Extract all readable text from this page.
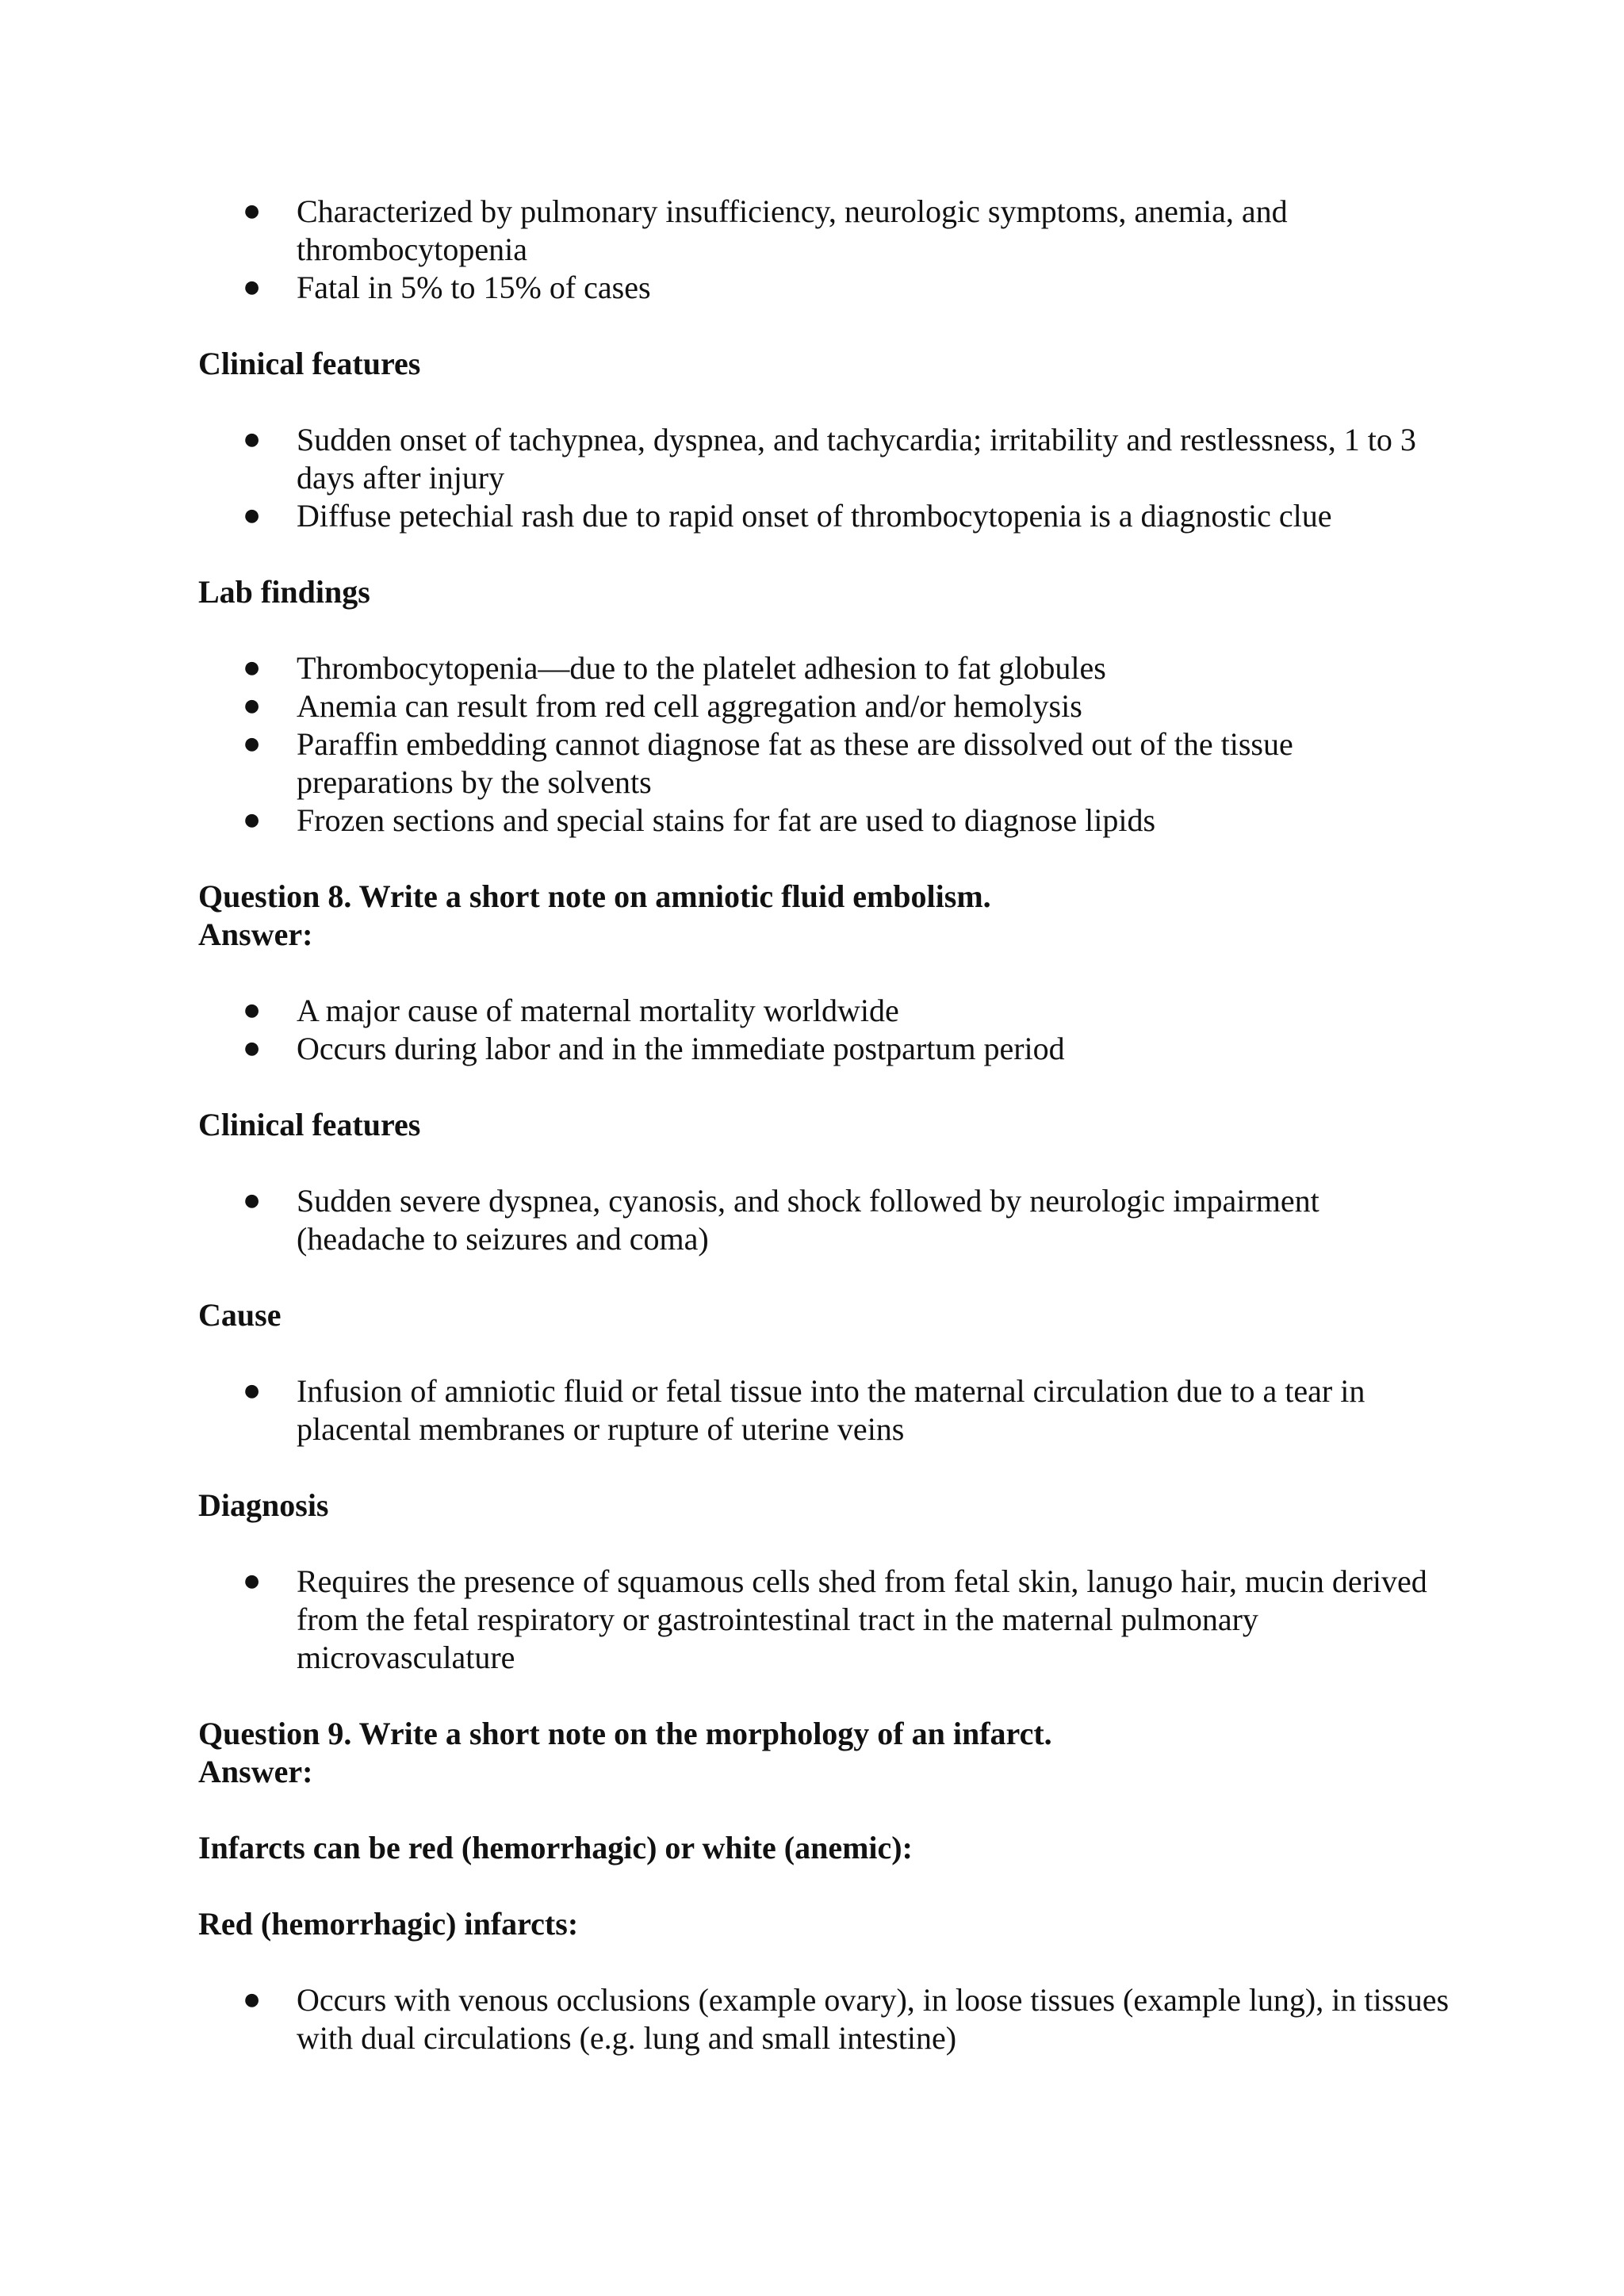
● Characterized by pulmonary insufficiency, neurologic symptoms, anemia, and thrombocytopenia
● Fatal in 5% to 15% of cases
Clinical features
● Sudden onset of tachypnea, dyspnea, and tachycardia; irritability and restlessness, 1 to 3 days after injury
● Diffuse petechial rash due to rapid onset of thrombocytopenia is a diagnostic clue
Lab findings
● Thrombocytopenia—due to the platelet adhesion to fat globules
● Anemia can result from red cell aggregation and/or hemolysis
● Paraffin embedding cannot diagnose fat as these are dissolved out of the tissue preparations by the solvents
● Frozen sections and special stains for fat are used to diagnose lipids
Question 8. Write a short note on amniotic fluid embolism.
Answer:
● A major cause of maternal mortality worldwide
● Occurs during labor and in the immediate postpartum period
Clinical features
● Sudden severe dyspnea, cyanosis, and shock followed by neurologic impairment (headache to seizures and coma)
Cause
● Infusion of amniotic fluid or fetal tissue into the maternal circulation due to a tear in placental membranes or rupture of uterine veins
Diagnosis
● Requires the presence of squamous cells shed from fetal skin, lanugo hair, mucin derived from the fetal respiratory or gastrointestinal tract in the maternal pulmonary microvasculature
Question 9. Write a short note on the morphology of an infarct.
Answer:
Infarcts can be red (hemorrhagic) or white (anemic):
Red (hemorrhagic) infarcts:
● Occurs with venous occlusions (example ovary), in loose tissues (example lung), in tissues with dual circulations (e.g. lung and small intestine)
